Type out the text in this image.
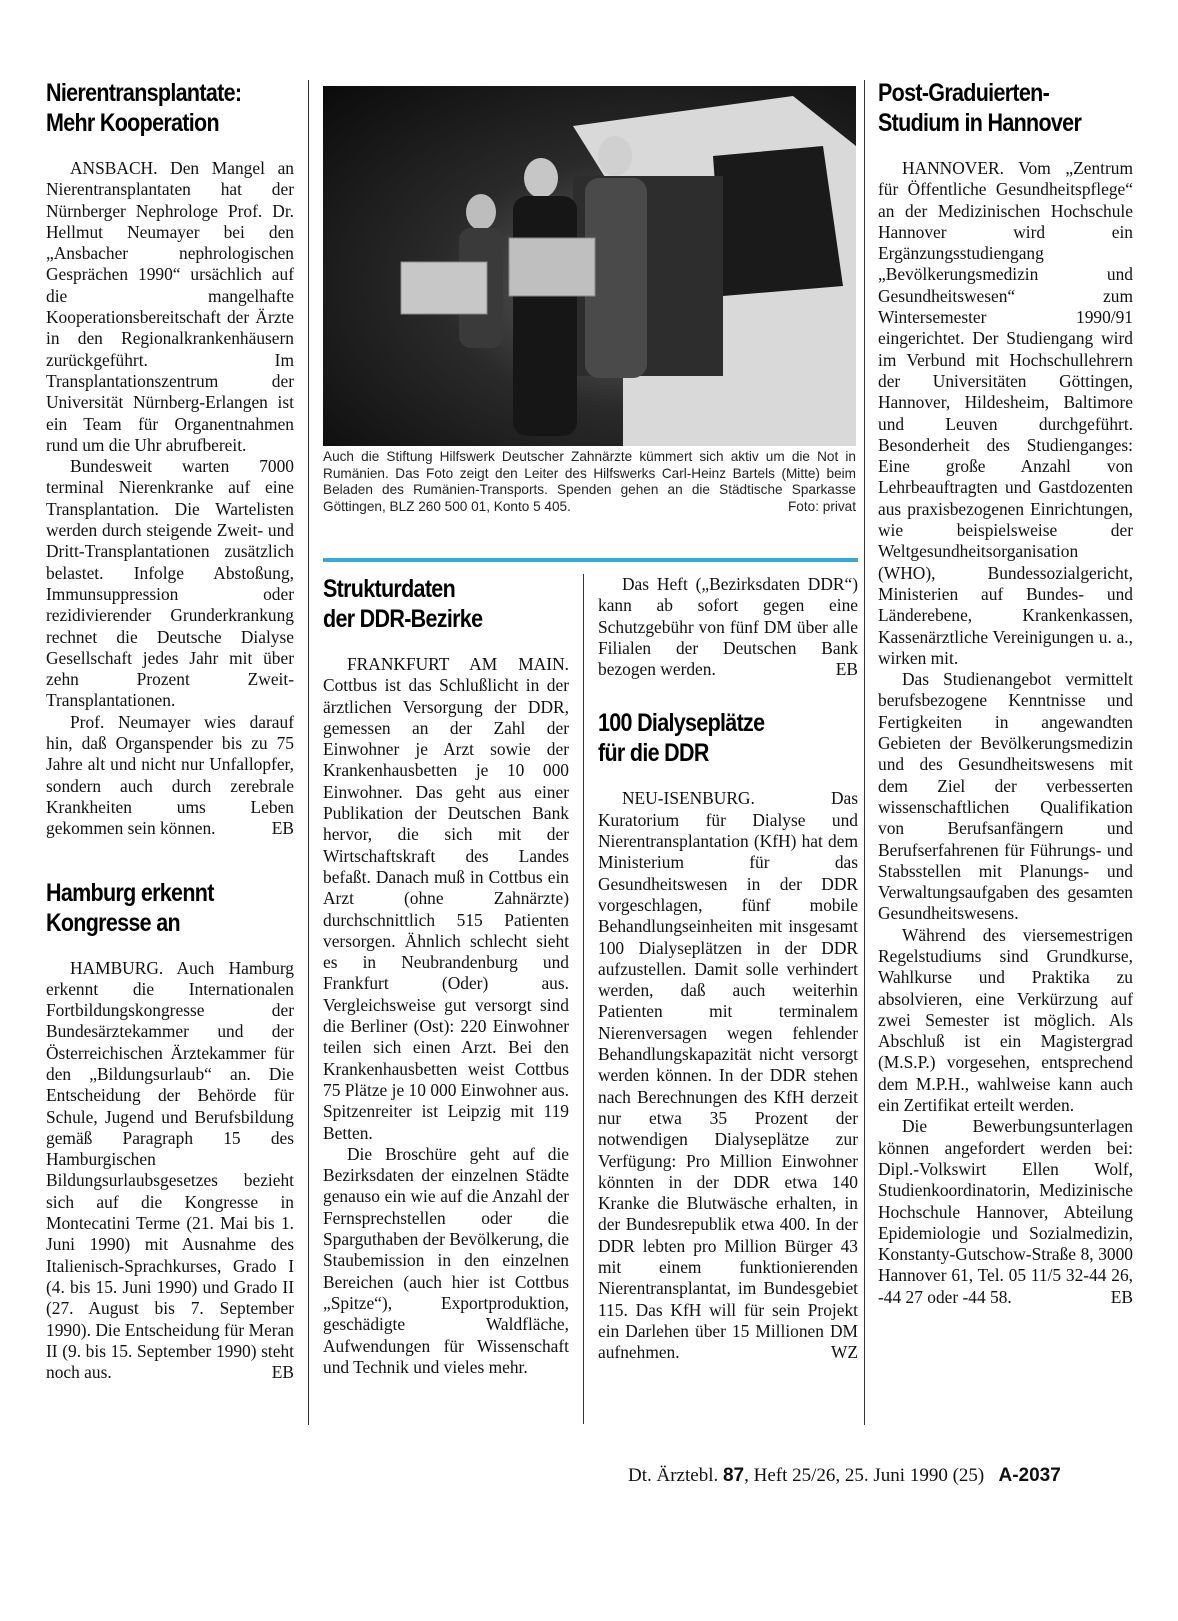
Nierentransplantate:
Mehr Kooperation

ANSBACH. Den Mangel an Nierentransplantaten hat der Nürnberger Nephrologe Prof. Dr. Hellmut Neumayer bei den „Ansbacher nephrologischen Gesprächen 1990“ ursächlich auf die mangelhafte Kooperationsbereitschaft der Ärzte in den Regionalkrankenhäusern zurückgeführt. Im Transplantationszentrum der Universität Nürnberg-Erlangen ist ein Team für Organentnahmen rund um die Uhr abrufbereit.

Bundesweit warten 7000 terminal Nierenkranke auf eine Transplantation. Die Wartelisten werden durch steigende Zweit- und Dritt-Transplantationen zusätzlich belastet. Infolge Abstoßung, Immunsuppression oder rezidivierender Grunderkrankung rechnet die Deutsche Dialyse Gesellschaft jedes Jahr mit über zehn Prozent Zweit-Transplantationen.

Prof. Neumayer wies darauf hin, daß Organspender bis zu 75 Jahre alt und nicht nur Unfallopfer, sondern auch durch zerebrale Krankheiten ums Leben gekommen sein können.	EB
Hamburg erkennt
Kongresse an

HAMBURG. Auch Hamburg erkennt die Internationalen Fortbildungskongresse der Bundesärztekammer und der Österreichischen Ärztekammer für den „Bildungsurlaub“ an. Die Entscheidung der Behörde für Schule, Jugend und Berufsbildung gemäß Paragraph 15 des Hamburgischen Bildungsurlaubsgesetzes bezieht sich auf die Kongresse in Montecatini Terme (21. Mai bis 1. Juni 1990) mit Ausnahme des Italienisch-Sprachkurses, Grado I (4. bis 15. Juni 1990) und Grado II (27. August bis 7. September 1990). Die Entscheidung für Meran II (9. bis 15. September 1990) steht noch aus.	EB
Auch die Stiftung Hilfswerk Deutscher Zahnärzte kümmert sich aktiv um die Not in Rumänien. Das Foto zeigt den Leiter des Hilfswerks Carl-Heinz Bartels (Mitte) beim Beladen des Rumänien-Transports. Spenden gehen an die Städtische Sparkasse Göttingen, BLZ 260 500 01, Konto 5 405.	Foto: privat
Strukturdaten
der DDR-Bezirke

FRANKFURT AM MAIN. Cottbus ist das Schlußlicht in der ärztlichen Versorgung der DDR, gemessen an der Zahl der Einwohner je Arzt sowie der Krankenhausbetten je 10 000 Einwohner. Das geht aus einer Publikation der Deutschen Bank hervor, die sich mit der Wirtschaftskraft des Landes befaßt. Danach muß in Cottbus ein Arzt (ohne Zahnärzte) durchschnittlich 515 Patienten versorgen. Ähnlich schlecht sieht es in Neubrandenburg und Frankfurt (Oder) aus. Vergleichsweise gut versorgt sind die Berliner (Ost): 220 Einwohner teilen sich einen Arzt. Bei den Krankenhausbetten weist Cottbus 75 Plätze je 10 000 Einwohner aus. Spitzenreiter ist Leipzig mit 119 Betten.

Die Broschüre geht auf die Bezirksdaten der einzelnen Städte genauso ein wie auf die Anzahl der Fernsprechstellen oder die Sparguthaben der Bevölkerung, die Staubemission in den einzelnen Bereichen (auch hier ist Cottbus „Spitze“), Exportproduktion, geschädigte Waldfläche, Aufwendungen für Wissenschaft und Technik und vieles mehr.

Das Heft („Bezirksdaten DDR“) kann ab sofort gegen eine Schutzgebühr von fünf DM über alle Filialen der Deutschen Bank bezogen werden.	EB
100 Dialyseplätze
für die DDR

NEU-ISENBURG. Das Kuratorium für Dialyse und Nierentransplantation (KfH) hat dem Ministerium für das Gesundheitswesen in der DDR vorgeschlagen, fünf mobile Behandlungseinheiten mit insgesamt 100 Dialyseplätzen in der DDR aufzustellen. Damit solle verhindert werden, daß auch weiterhin Patienten mit terminalem Nierenversagen wegen fehlender Behandlungskapazität nicht versorgt werden können. In der DDR stehen nach Berechnungen des KfH derzeit nur etwa 35 Prozent der notwendigen Dialyseplätze zur Verfügung: Pro Million Einwohner könnten in der DDR etwa 140 Kranke die Blutwäsche erhalten, in der Bundesrepublik etwa 400. In der DDR lebten pro Million Bürger 43 mit einem funktionierenden Nierentransplantat, im Bundesgebiet 115. Das KfH will für sein Projekt ein Darlehen über 15 Millionen DM aufnehmen.	WZ
Post-Graduierten-
Studium in Hannover

HANNOVER. Vom „Zentrum für Öffentliche Gesundheitspflege“ an der Medizinischen Hochschule Hannover wird ein Ergänzungsstudiengang „Bevölkerungsmedizin und Gesundheitswesen“ zum Wintersemester 1990/91 eingerichtet. Der Studiengang wird im Verbund mit Hochschullehrern der Universitäten Göttingen, Hannover, Hildesheim, Baltimore und Leuven durchgeführt. Besonderheit des Studienganges: Eine große Anzahl von Lehrbeauftragten und Gastdozenten aus praxisbezogenen Einrichtungen, wie beispielsweise der Weltgesundheitsorganisation (WHO), Bundessozialgericht, Ministerien auf Bundes- und Länderebene, Krankenkassen, Kassenärztliche Vereinigungen u. a., wirken mit.

Das Studienangebot vermittelt berufsbezogene Kenntnisse und Fertigkeiten in angewandten Gebieten der Bevölkerungsmedizin und des Gesundheitswesens mit dem Ziel der verbesserten wissenschaftlichen Qualifikation von Berufsanfängern und Berufserfahrenen für Führungs- und Stabsstellen mit Planungs- und Verwaltungsaufgaben des gesamten Gesundheitswesens.

Während des viersemestrigen Regelstudiums sind Grundkurse, Wahlkurse und Praktika zu absolvieren, eine Verkürzung auf zwei Semester ist möglich. Als Abschluß ist ein Magistergrad (M.S.P.) vorgesehen, entsprechend dem M.P.H., wahlweise kann auch ein Zertifikat erteilt werden.

Die Bewerbungsunterlagen können angefordert werden bei: Dipl.-Volkswirt Ellen Wolf, Studienkoordinatorin, Medizinische Hochschule Hannover, Abteilung Epidemiologie und Sozialmedizin, Konstanty-Gutschow-Straße 8, 3000 Hannover 61, Tel. 05 11/5 32-44 26, -44 27 oder -44 58.	EB
Dt. Ärztebl. 87, Heft 25/26, 25. Juni 1990 (25) A-2037
